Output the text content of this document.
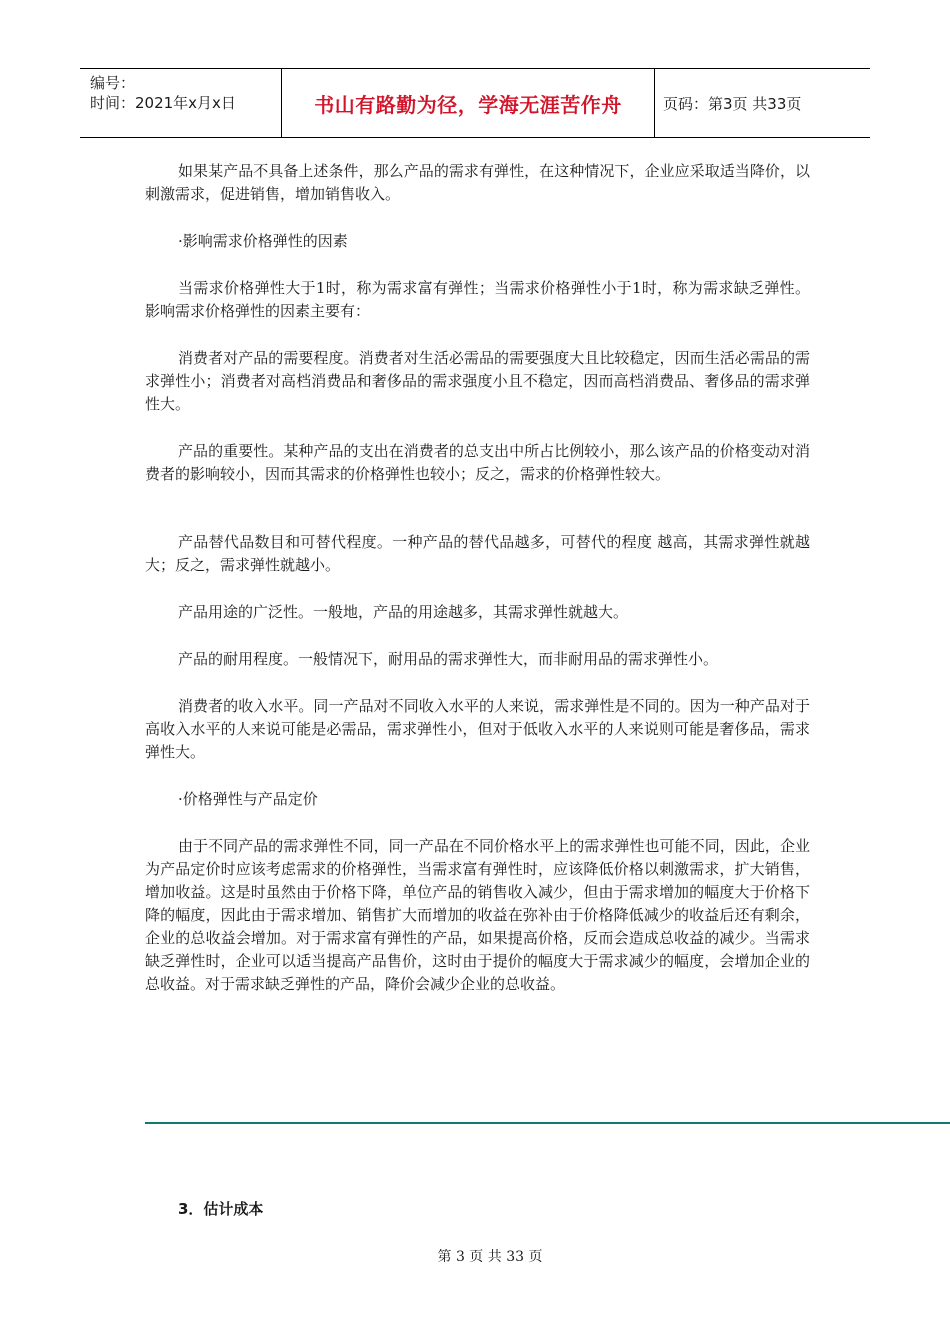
编号：
时间：2021年x月x日	书山有路勤为径，学海无涯苦作舟	页码：第3页 共33页

如果某产品不具备上述条件，那么产品的需求有弹性，在这种情况下，企业应采取适当降价，以刺激需求，促进销售，增加销售收入。

·影响需求价格弹性的因素

当需求价格弹性大于1时，称为需求富有弹性；当需求价格弹性小于1时，称为需求缺乏弹性。影响需求价格弹性的因素主要有：

消费者对产品的需要程度。消费者对生活必需品的需要强度大且比较稳定，因而生活必需品的需求弹性小；消费者对高档消费品和奢侈品的需求强度小且不稳定，因而高档消费品、奢侈品的需求弹性大。

产品的重要性。某种产品的支出在消费者的总支出中所占比例较小，那么该产品的价格变动对消费者的影响较小，因而其需求的价格弹性也较小；反之，需求的价格弹性较大。

产品替代品数目和可替代程度。一种产品的替代品越多，可替代的程度 越高，其需求弹性就越大；反之，需求弹性就越小。

产品用途的广泛性。一般地，产品的用途越多，其需求弹性就越大。

产品的耐用程度。一般情况下，耐用品的需求弹性大，而非耐用品的需求弹性小。

消费者的收入水平。同一产品对不同收入水平的人来说，需求弹性是不同的。因为一种产品对于高收入水平的人来说可能是必需品，需求弹性小，但对于低收入水平的人来说则可能是奢侈品，需求弹性大。

·价格弹性与产品定价

由于不同产品的需求弹性不同，同一产品在不同价格水平上的需求弹性也可能不同，因此，企业为产品定价时应该考虑需求的价格弹性，当需求富有弹性时，应该降低价格以刺激需求，扩大销售，增加收益。这是时虽然由于价格下降，单位产品的销售收入减少，但由于需求增加的幅度大于价格下降的幅度，因此由于需求增加、销售扩大而增加的收益在弥补由于价格降低减少的收益后还有剩余，企业的总收益会增加。对于需求富有弹性的产品，如果提高价格，反而会造成总收益的减少。当需求缺乏弹性时，企业可以适当提高产品售价，这时由于提价的幅度大于需求减少的幅度，会增加企业的总收益。对于需求缺乏弹性的产品，降价会减少企业的总收益。

3．估计成本
第 3 页 共 33 页
